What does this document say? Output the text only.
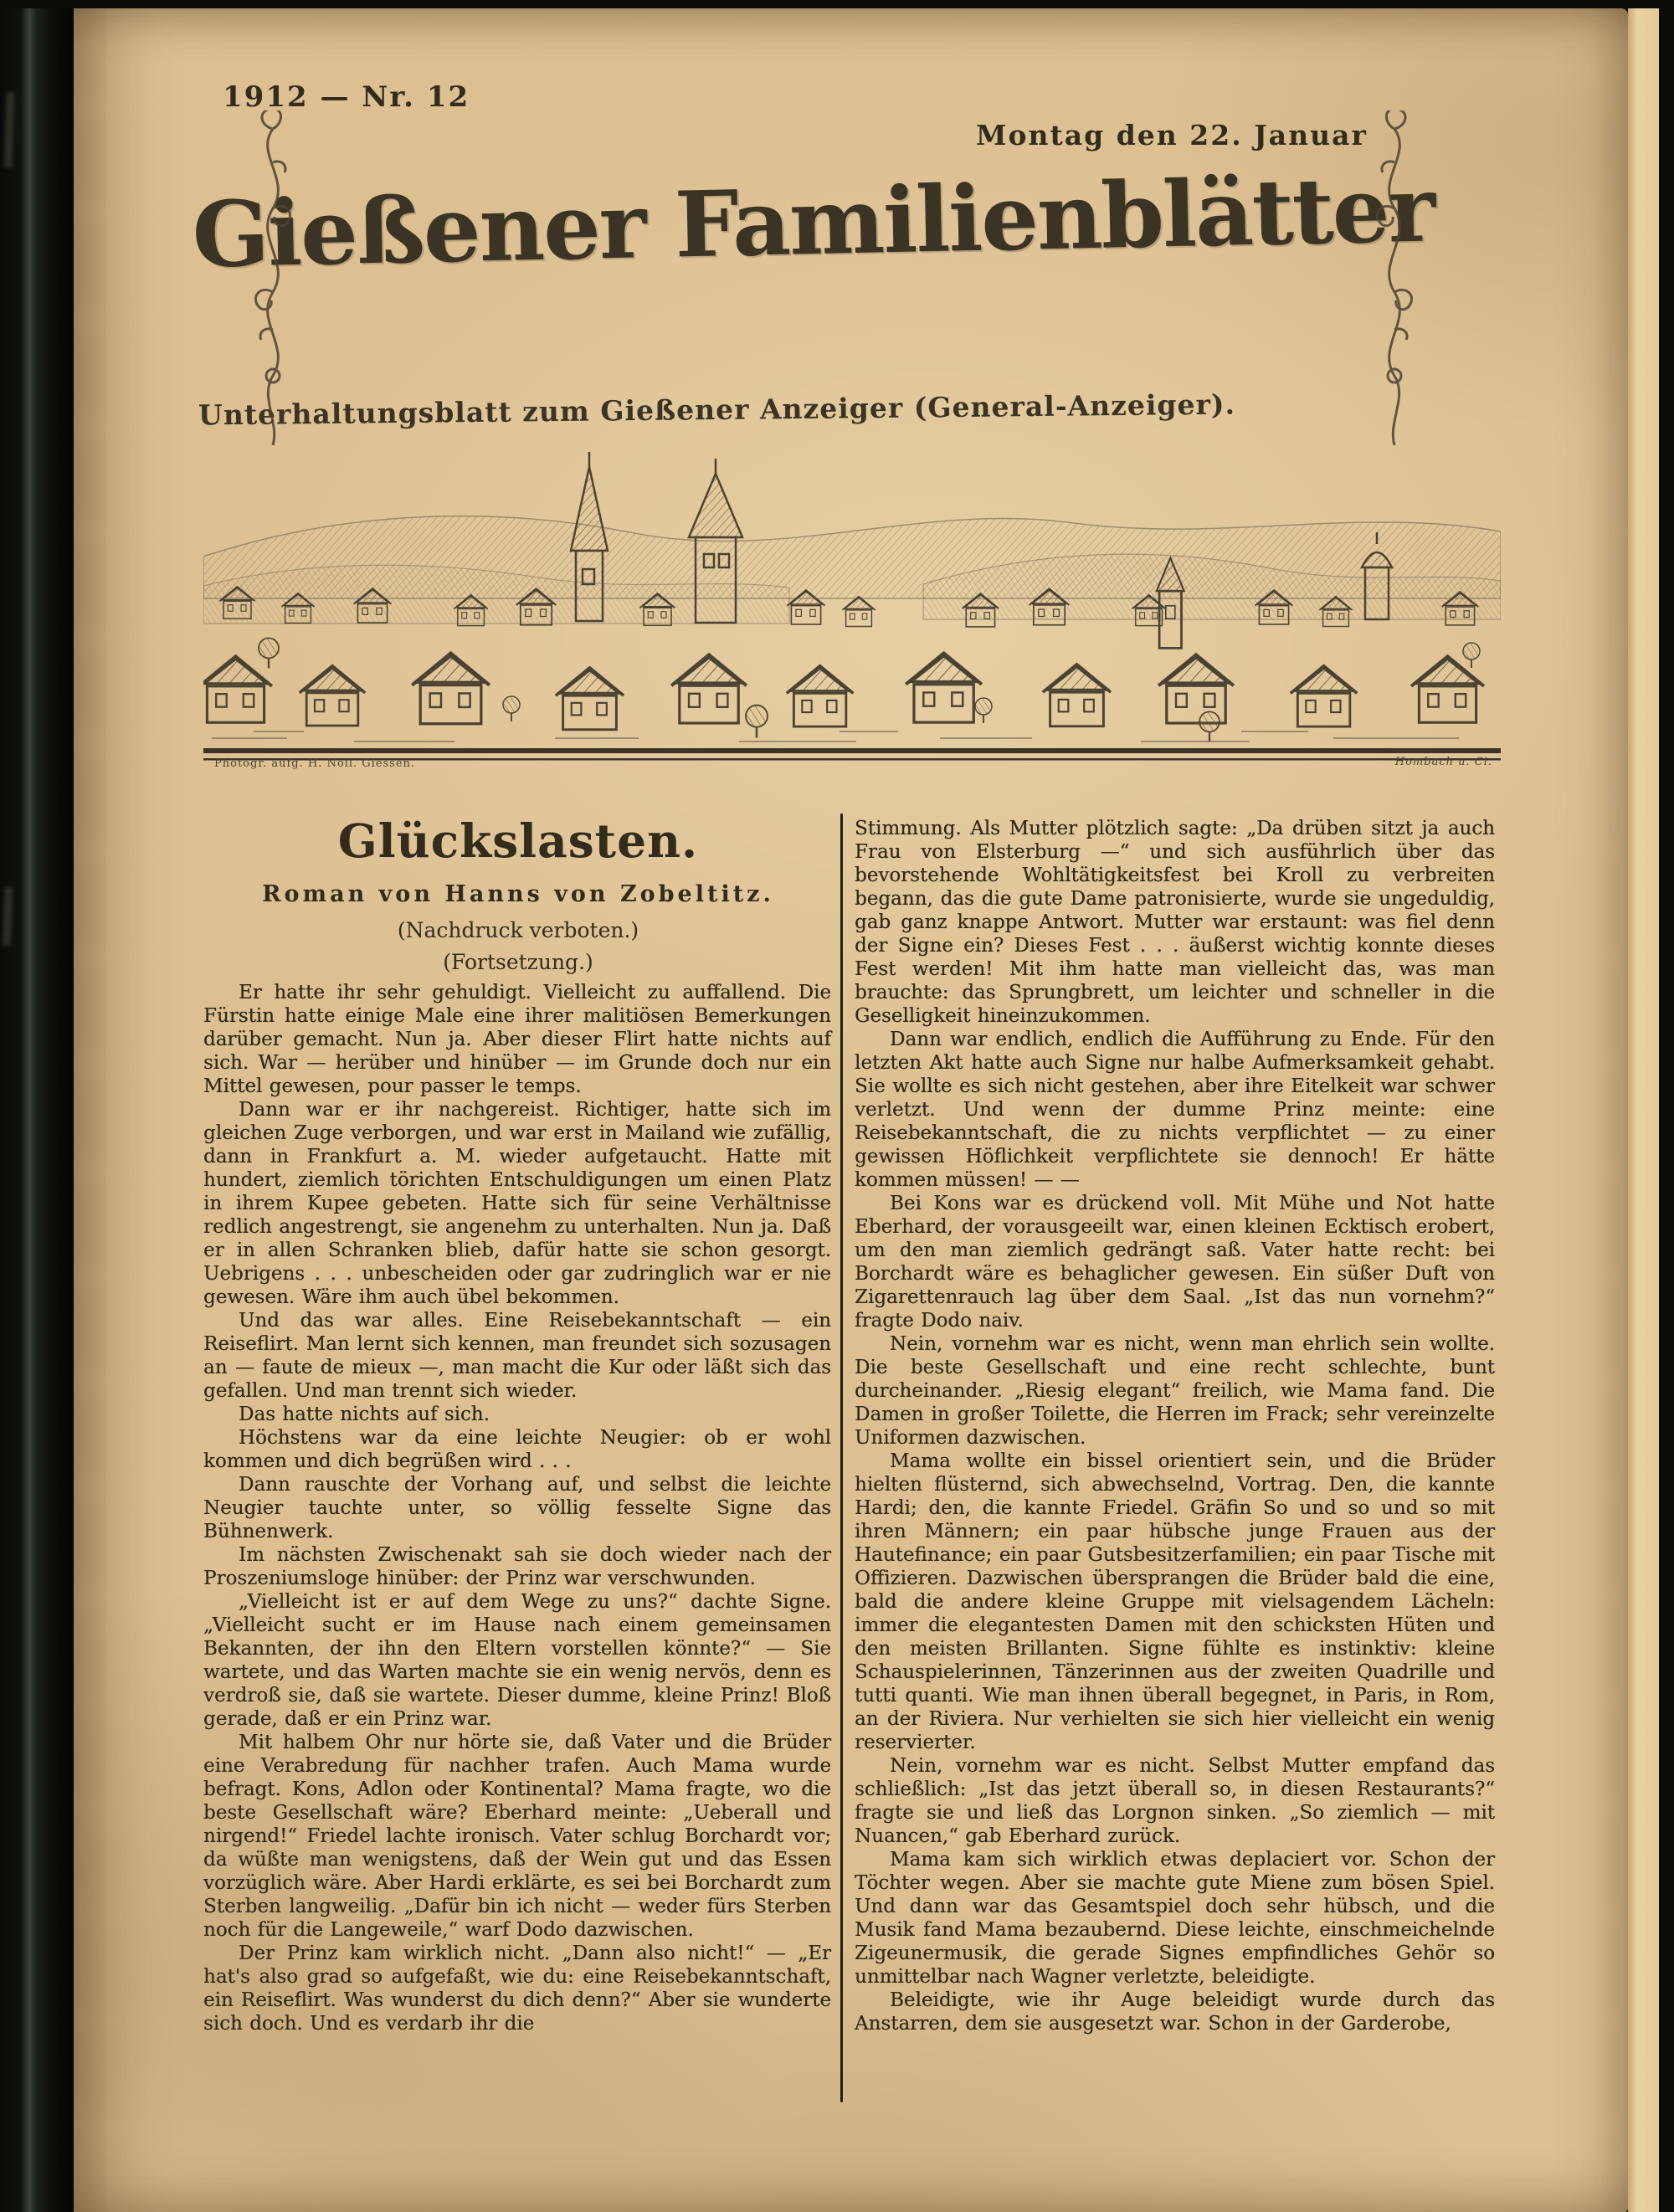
1912 — Nr. 12
Montag den 22. Januar
Gießener Familienblätter
Unterhaltungsblatt zum Gießener Anzeiger (General-Anzeiger).
Photogr. aufg. H. Noll. Giessen.	Hombach u. Ci.
Glückslasten.
Roman von Hanns von Zobeltitz.
(Nachdruck verboten.)
(Fortsetzung.)

Er hatte ihr sehr gehuldigt. Vielleicht zu auffallend. Die Fürstin hatte einige Male eine ihrer malitiösen Bemerkungen darüber gemacht. Nun ja. Aber dieser Flirt hatte nichts auf sich. War — herüber und hinüber — im Grunde doch nur ein Mittel gewesen, pour passer le temps.

Dann war er ihr nachgereist. Richtiger, hatte sich im gleichen Zuge verborgen, und war erst in Mailand wie zufällig, dann in Frankfurt a. M. wieder aufgetaucht. Hatte mit hundert, ziemlich törichten Entschuldigungen um einen Platz in ihrem Kupee gebeten. Hatte sich für seine Verhältnisse redlich angestrengt, sie angenehm zu unterhalten. Nun ja. Daß er in allen Schranken blieb, dafür hatte sie schon gesorgt. Uebrigens . . . unbescheiden oder gar zudringlich war er nie gewesen. Wäre ihm auch übel bekommen.

Und das war alles. Eine Reisebekanntschaft — ein Reiseflirt. Man lernt sich kennen, man freundet sich sozusagen an — faute de mieux —, man macht die Kur oder läßt sich das gefallen. Und man trennt sich wieder.

Das hatte nichts auf sich.

Höchstens war da eine leichte Neugier: ob er wohl kommen und dich begrüßen wird . . .

Dann rauschte der Vorhang auf, und selbst die leichte Neugier tauchte unter, so völlig fesselte Signe das Bühnenwerk.

Im nächsten Zwischenakt sah sie doch wieder nach der Proszeniumsloge hinüber: der Prinz war verschwunden.

„Vielleicht ist er auf dem Wege zu uns?“ dachte Signe. „Vielleicht sucht er im Hause nach einem gemeinsamen Bekannten, der ihn den Eltern vorstellen könnte?“ — Sie wartete, und das Warten machte sie ein wenig nervös, denn es verdroß sie, daß sie wartete. Dieser dumme, kleine Prinz! Bloß gerade, daß er ein Prinz war.

Mit halbem Ohr nur hörte sie, daß Vater und die Brüder eine Verabredung für nachher trafen. Auch Mama wurde befragt. Kons, Adlon oder Kontinental? Mama fragte, wo die beste Gesellschaft wäre? Eberhard meinte: „Ueberall und nirgend!“ Friedel lachte ironisch. Vater schlug Borchardt vor; da wüßte man wenigstens, daß der Wein gut und das Essen vorzüglich wäre. Aber Hardi erklärte, es sei bei Borchardt zum Sterben langweilig. „Dafür bin ich nicht — weder fürs Sterben noch für die Langeweile,“ warf Dodo dazwischen.

Der Prinz kam wirklich nicht. „Dann also nicht!“ — „Er hat's also grad so aufgefaßt, wie du: eine Reisebekanntschaft, ein Reiseflirt. Was wunderst du dich denn?“ Aber sie wunderte sich doch. Und es verdarb ihr die

Stimmung. Als Mutter plötzlich sagte: „Da drüben sitzt ja auch Frau von Elsterburg —“ und sich ausführlich über das bevorstehende Wohltätigkeitsfest bei Kroll zu verbreiten begann, das die gute Dame patronisierte, wurde sie ungeduldig, gab ganz knappe Antwort. Mutter war erstaunt: was fiel denn der Signe ein? Dieses Fest . . . äußerst wichtig konnte dieses Fest werden! Mit ihm hatte man vielleicht das, was man brauchte: das Sprungbrett, um leichter und schneller in die Geselligkeit hineinzukommen.

Dann war endlich, endlich die Aufführung zu Ende. Für den letzten Akt hatte auch Signe nur halbe Aufmerksamkeit gehabt. Sie wollte es sich nicht gestehen, aber ihre Eitelkeit war schwer verletzt. Und wenn der dumme Prinz meinte: eine Reisebekanntschaft, die zu nichts verpflichtet — zu einer gewissen Höflichkeit verpflichtete sie dennoch! Er hätte kommen müssen! — —

Bei Kons war es drückend voll. Mit Mühe und Not hatte Eberhard, der vorausgeeilt war, einen kleinen Ecktisch erobert, um den man ziemlich gedrängt saß. Vater hatte recht: bei Borchardt wäre es behaglicher gewesen. Ein süßer Duft von Zigarettenrauch lag über dem Saal. „Ist das nun vornehm?“ fragte Dodo naiv.

Nein, vornehm war es nicht, wenn man ehrlich sein wollte. Die beste Gesellschaft und eine recht schlechte, bunt durcheinander. „Riesig elegant“ freilich, wie Mama fand. Die Damen in großer Toilette, die Herren im Frack; sehr vereinzelte Uniformen dazwischen.

Mama wollte ein bissel orientiert sein, und die Brüder hielten flüsternd, sich abwechselnd, Vortrag. Den, die kannte Hardi; den, die kannte Friedel. Gräfin So und so und so mit ihren Männern; ein paar hübsche junge Frauen aus der Hautefinance; ein paar Gutsbesitzerfamilien; ein paar Tische mit Offizieren. Dazwischen übersprangen die Brüder bald die eine, bald die andere kleine Gruppe mit vielsagendem Lächeln: immer die elegantesten Damen mit den schicksten Hüten und den meisten Brillanten. Signe fühlte es instinktiv: kleine Schauspielerinnen, Tänzerinnen aus der zweiten Quadrille und tutti quanti. Wie man ihnen überall begegnet, in Paris, in Rom, an der Riviera. Nur verhielten sie sich hier vielleicht ein wenig reservierter.

Nein, vornehm war es nicht. Selbst Mutter empfand das schließlich: „Ist das jetzt überall so, in diesen Restaurants?“ fragte sie und ließ das Lorgnon sinken. „So ziemlich — mit Nuancen,“ gab Eberhard zurück.

Mama kam sich wirklich etwas deplaciert vor. Schon der Töchter wegen. Aber sie machte gute Miene zum bösen Spiel. Und dann war das Gesamtspiel doch sehr hübsch, und die Musik fand Mama bezaubernd. Diese leichte, einschmeichelnde Zigeunermusik, die gerade Signes empfindliches Gehör so unmittelbar nach Wagner verletzte, beleidigte.

Beleidigte, wie ihr Auge beleidigt wurde durch das Anstarren, dem sie ausgesetzt war. Schon in der Garderobe,
